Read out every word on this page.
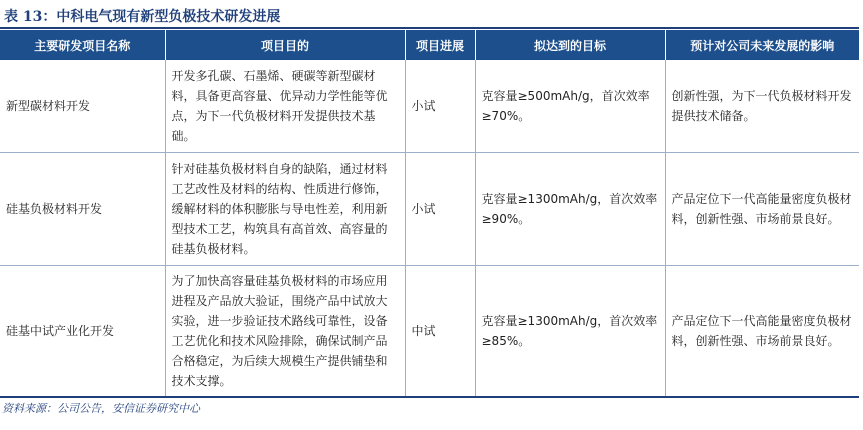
表 13：中科电气现有新型负极技术研发进展
主要研发项目名称	项目目的	项目进展	拟达到的目标	预计对公司未来发展的影响
新型碳材料开发	开发多孔碳、石墨烯、硬碳等新型碳材料，具备更高容量、优异动力学性能等优点，为下一代负极材料开发提供技术基础。	小试	克容量≥500mAh/g，首次效率≥70%。	创新性强，为下一代负极材料开发提供技术储备。
硅基负极材料开发	针对硅基负极材料自身的缺陷，通过材料工艺改性及材料的结构、性质进行修饰，缓解材料的体积膨胀与导电性差，利用新型技术工艺，构筑具有高首效、高容量的硅基负极材料。	小试	克容量≥1300mAh/g，首次效率≥90%。	产品定位下一代高能量密度负极材料，创新性强、市场前景良好。
硅基中试产业化开发	为了加快高容量硅基负极材料的市场应用进程及产品放大验证，围绕产品中试放大实验，进一步验证技术路线可靠性，设备工艺优化和技术风险排除，确保试制产品合格稳定，为后续大规模生产提供铺垫和技术支撑。	中试	克容量≥1300mAh/g，首次效率≥85%。	产品定位下一代高能量密度负极材料，创新性强、市场前景良好。
资料来源：公司公告，安信证券研究中心
